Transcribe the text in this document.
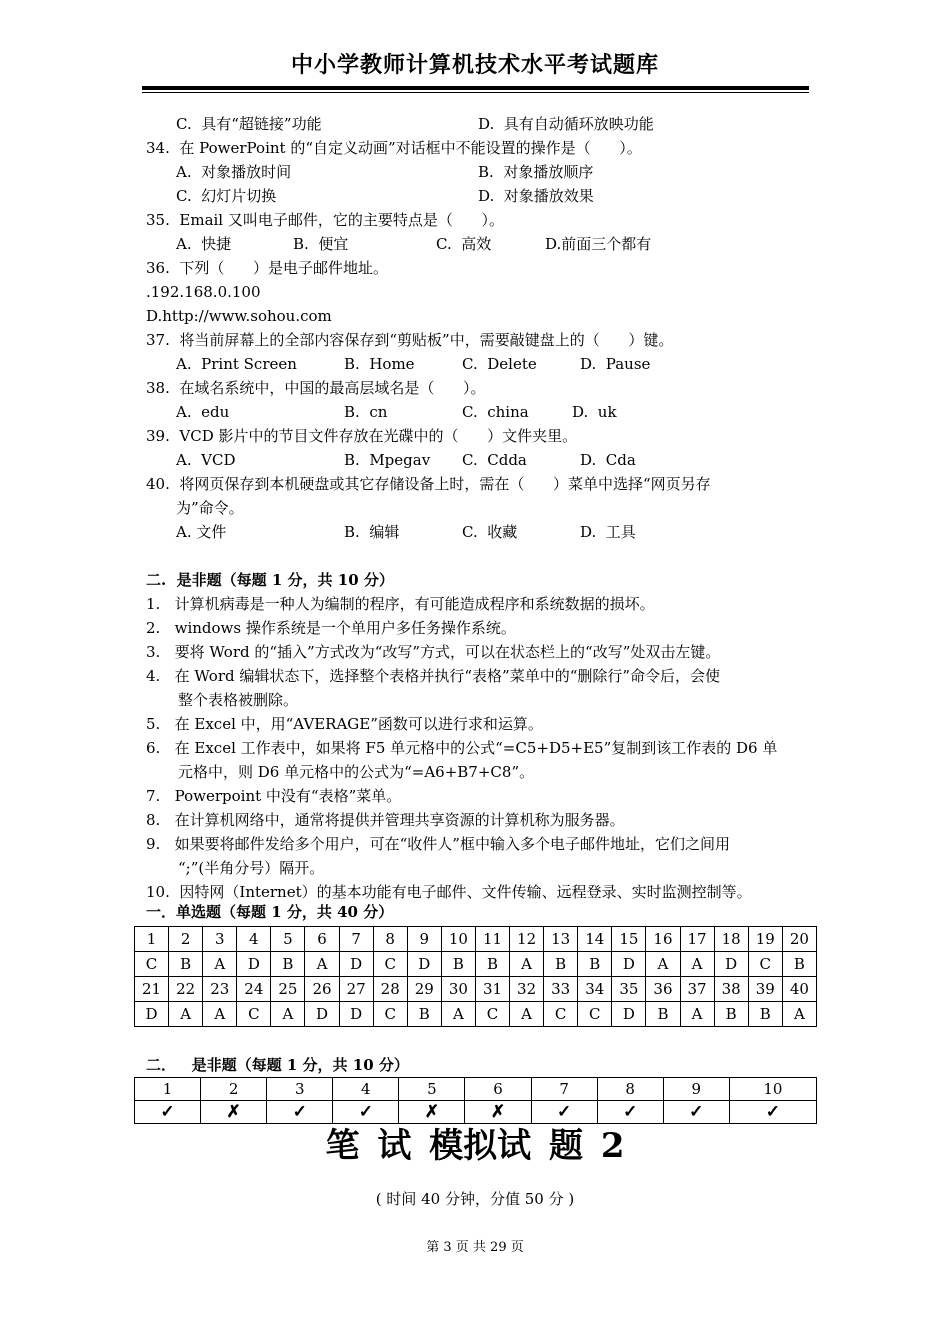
中小学教师计算机技术水平考试题库
C.  具有“超链接”功能	D.  具有自动循环放映功能
34.  在 PowerPoint 的“自定义动画”对话框中不能设置的操作是（      ）。
A.  对象播放时间	B.  对象播放顺序
C.  幻灯片切换	D.  对象播放效果
35.  Email 又叫电子邮件，它的主要特点是（      ）。
A.  快捷	B.  便宜	C.  高效	D.前面三个都有
36.  下列（      ）是电子邮件地址。
.192.168.0.100
D.http://www.sohou.com
37.  将当前屏幕上的全部内容保存到“剪贴板”中，需要敲键盘上的（      ）键。
A.  Print Screen	B.  Home	C.  Delete	D.  Pause
38.  在域名系统中，中国的最高层域名是（      ）。
A.  edu	B.  cn	C.  china	D.  uk
39.  VCD 影片中的节目文件存放在光碟中的（      ）文件夹里。
A.  VCD	B.  Mpegav C.  Cdda	D.  Cda
40.  将网页保存到本机硬盘或其它存储设备上时，需在（      ）菜单中选择“网页另存
为”命令。
A. 文件	B.  编辑	C.  收藏	D.  工具
二.  是非题（每题 1 分，共 10 分）
1.   计算机病毒是一种人为编制的程序，有可能造成程序和系统数据的损坏。
2.   windows 操作系统是一个单用户多任务操作系统。
3.   要将 Word 的“插入”方式改为“改写”方式，可以在状态栏上的“改写”处双击左键。
4.   在 Word 编辑状态下，选择整个表格并执行“表格”菜单中的“删除行”命令后，会使
整个表格被删除。
5.   在 Excel 中，用“AVERAGE”函数可以进行求和运算。
6.   在 Excel 工作表中，如果将 F5 单元格中的公式“=C5+D5+E5”复制到该工作表的 D6 单
元格中，则 D6 单元格中的公式为“=A6+B7+C8”。
7.   Powerpoint 中没有“表格”菜单。
8.   在计算机网络中，通常将提供并管理共享资源的计算机称为服务器。
9.   如果要将邮件发给多个用户，可在“收件人”框中输入多个电子邮件地址，它们之间用
“;”(半角分号）隔开。
10.  因特网（Internet）的基本功能有电子邮件、文件传输、远程登录、实时监测控制等。
一．单选题（每题 1 分，共 40 分）
二．   是非题（每题 1 分，共 10 分）
1	2	3	4	5	6	7	8	9	10	11	12	13	14	15	16	17	18	19	20
C	B	A	D	B	A	D	C	D	B	B	A	B	B	D	A	A	D	C	B
21	22	23	24	25	26	27	28	29	30	31	32	33	34	35	36	37	38	39	40
D	A	A	C	A	D	D	C	B	A	C	A	C	C	D	B	A	B	B	A
1	2	3	4	5	6	7	8	9	10
✓	✗	✓	✓	✗	✗	✓	✓	✓	✓
笔 试 模拟试 题 2
( 时间 40 分钟，分值 50 分 )
第 3 页 共 29 页
